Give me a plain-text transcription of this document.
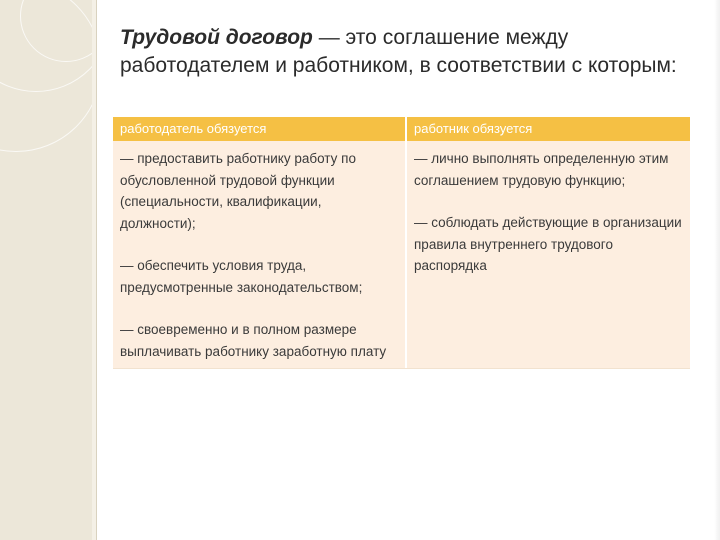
Трудовой договор — это соглашение между работодателем и работником, в соответствии с которым:
работодатель обязуется	работник обязуется

— предоставить работнику работу по обусловленной трудовой функции (специальности, квалификации, должности);

— обеспечить условия труда, предусмотренные законодательством;

— своевременно и в полном размере выплачивать работнику заработную плату

— лично выполнять определенную этим соглашением трудовую функцию;

— соблюдать действующие в организации правила внутреннего трудового распорядка
